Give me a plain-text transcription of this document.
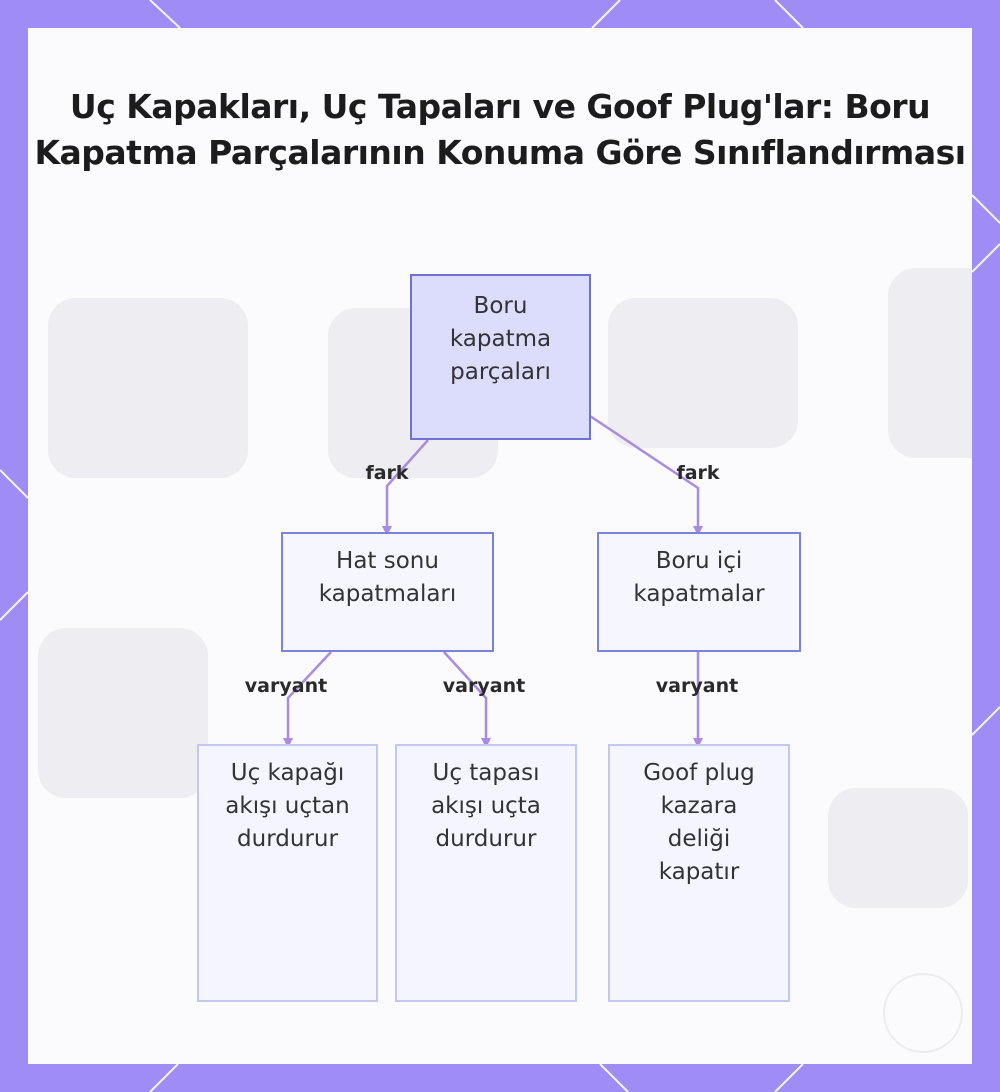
Uç Kapakları, Uç Tapaları ve Goof Plug'lar: Boru Kapatma Parçalarının Konuma Göre Sınıflandırması
fark	fark
varyant	varyant	varyant
Boru kapatma parçaları
Hat sonu kapatmaları
Boru içi kapatmalar
Uç kapağı akışı uçtan durdurur
Uç tapası akışı uçta durdurur
Goof plug kazara deliği kapatır
